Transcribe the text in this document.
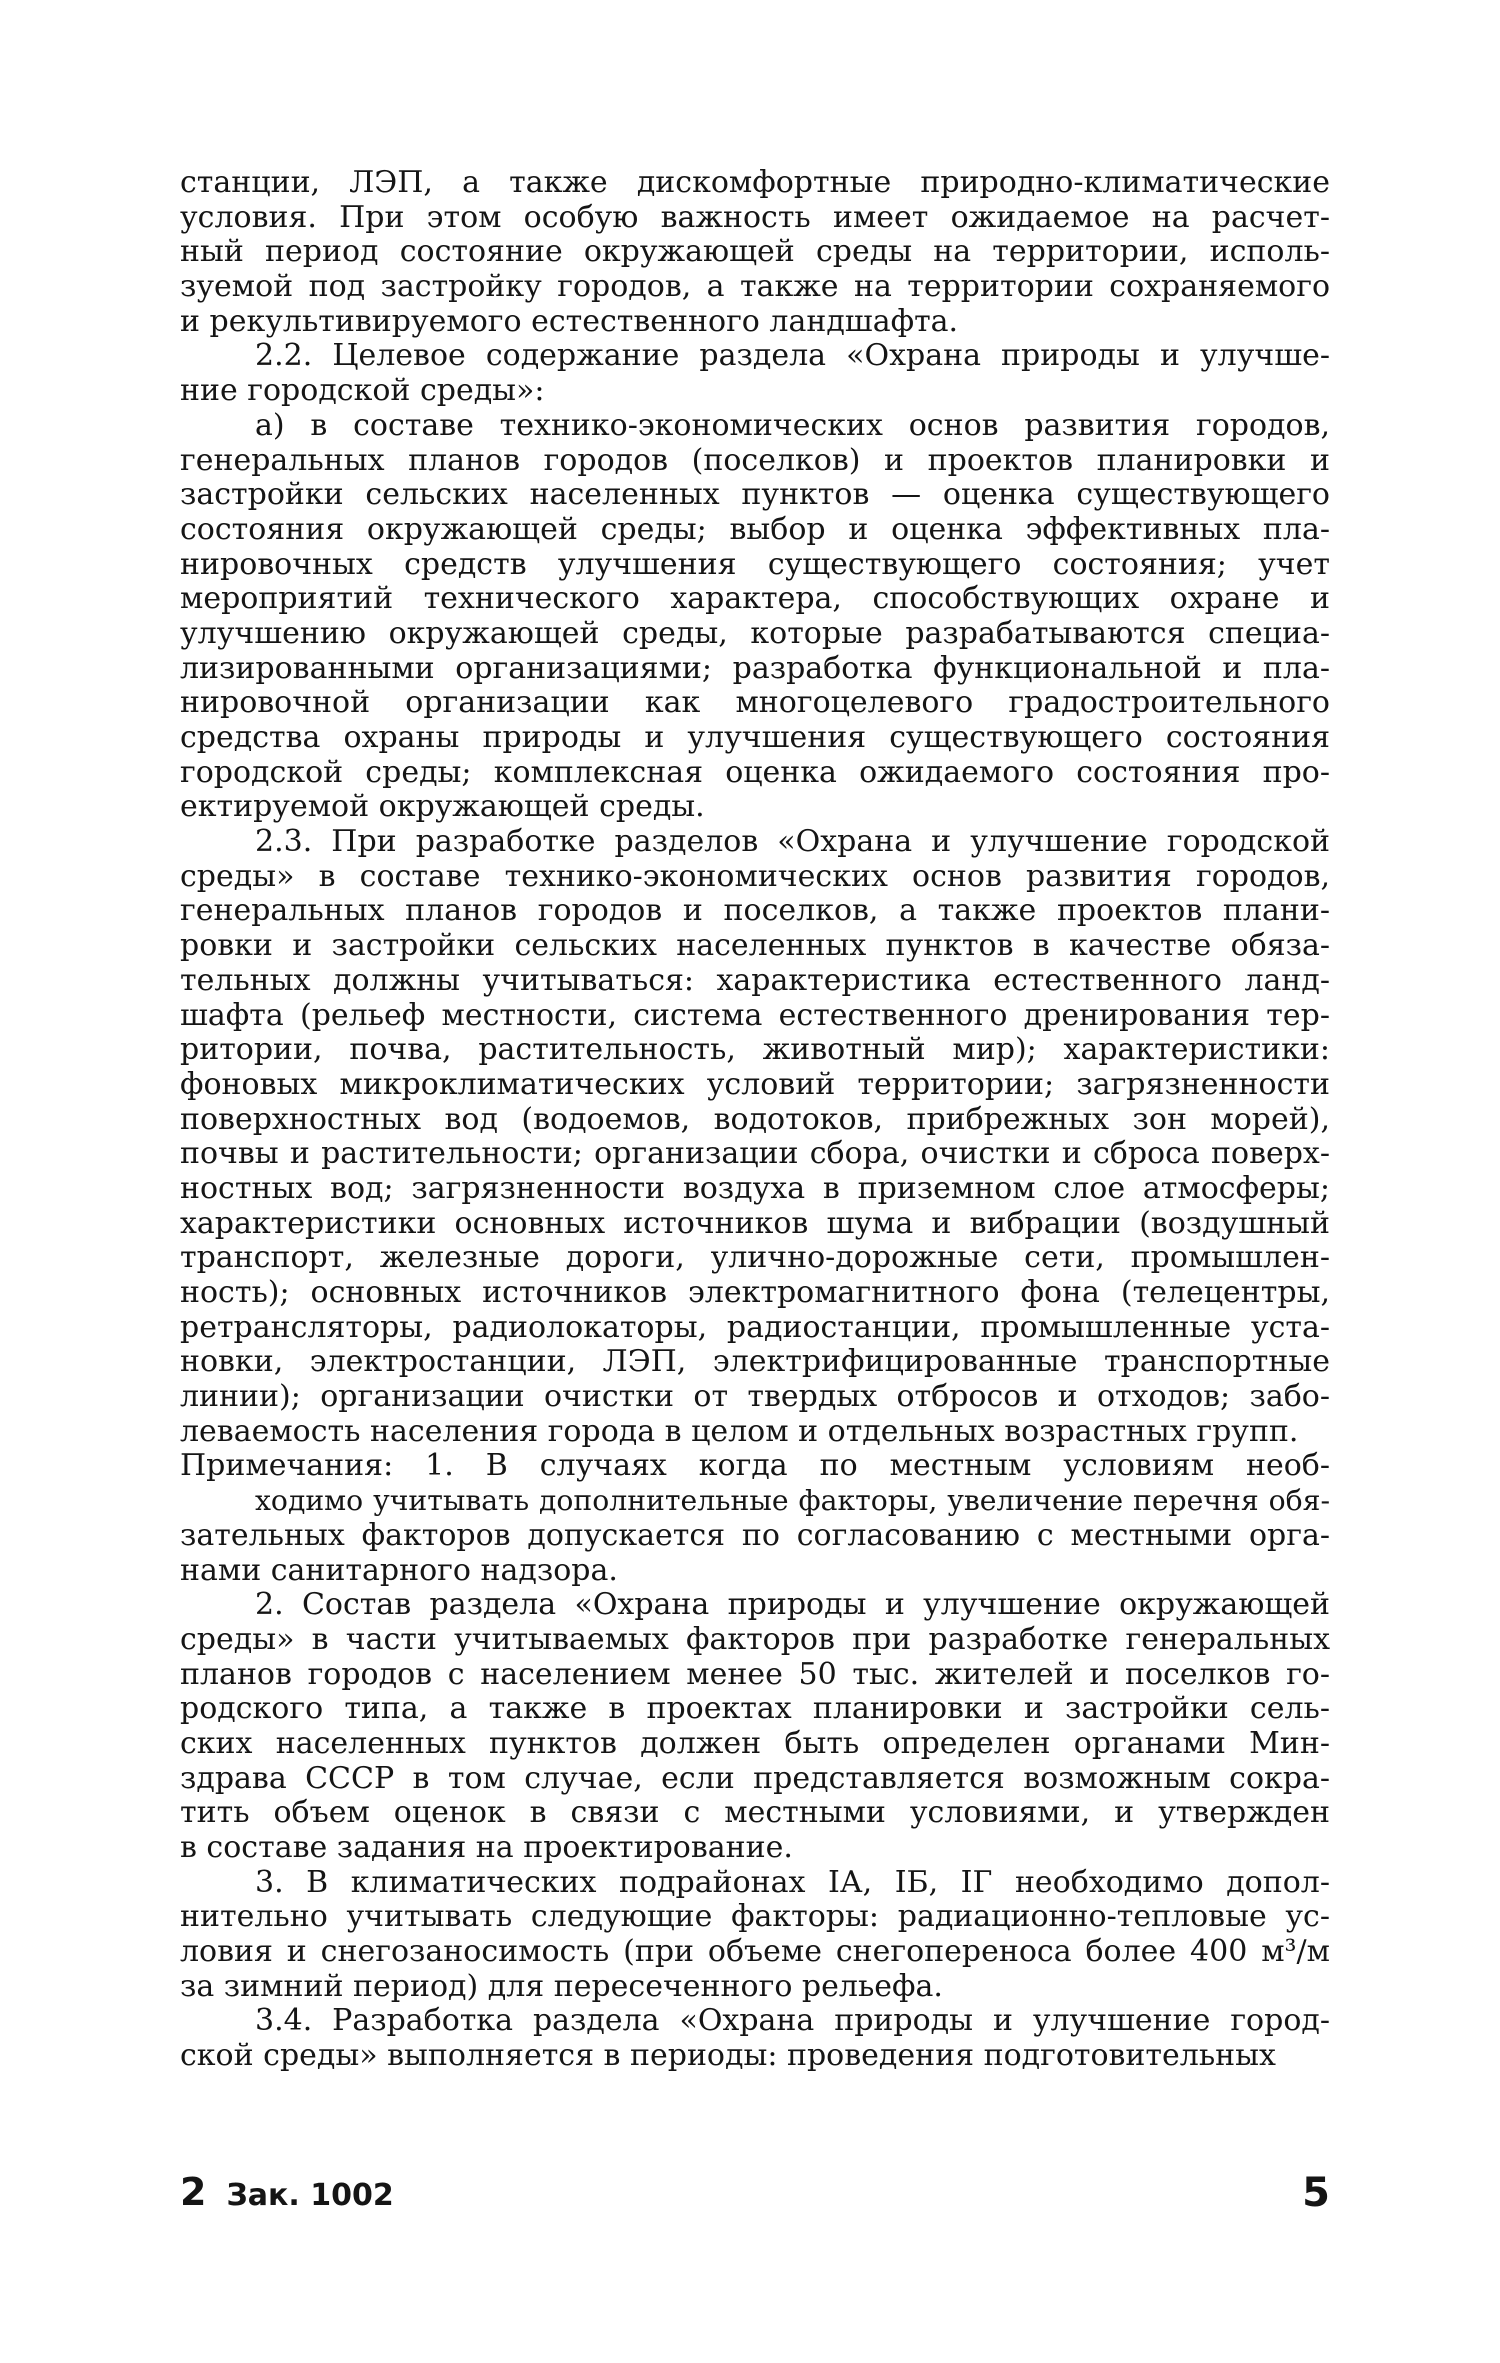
станции, ЛЭП, а также дискомфортные природно-климатические
условия. При этом особую важность имеет ожидаемое на расчет-
ный период состояние окружающей среды на территории, исполь-
зуемой под застройку городов, а также на территории сохраняемого
и рекультивируемого естественного ландшафта.
2.2. Целевое содержание раздела «Охрана природы и улучше-
ние городской среды»:
а) в составе технико-экономических основ развития городов,
генеральных планов городов (поселков) и проектов планировки и
застройки сельских населенных пунктов — оценка существующего
состояния окружающей среды; выбор и оценка эффективных пла-
нировочных средств улучшения существующего состояния; учет
мероприятий технического характера, способствующих охране и
улучшению окружающей среды, которые разрабатываются специа-
лизированными организациями; разработка функциональной и пла-
нировочной организации как многоцелевого градостроительного
средства охраны природы и улучшения существующего состояния
городской среды; комплексная оценка ожидаемого состояния про-
ектируемой окружающей среды.
2.3. При разработке разделов «Охрана и улучшение городской
среды» в составе технико-экономических основ развития городов,
генеральных планов городов и поселков, а также проектов плани-
ровки и застройки сельских населенных пунктов в качестве обяза-
тельных должны учитываться: характеристика естественного ланд-
шафта (рельеф местности, система естественного дренирования тер-
ритории, почва, растительность, животный мир); характеристики:
фоновых микроклиматических условий территории; загрязненности
поверхностных вод (водоемов, водотоков, прибрежных зон морей),
почвы и растительности; организации сбора, очистки и сброса поверх-
ностных вод; загрязненности воздуха в приземном слое атмосферы;
характеристики основных источников шума и вибрации (воздушный
транспорт, железные дороги, улично-дорожные сети, промышлен-
ность); основных источников электромагнитного фона (телецентры,
ретрансляторы, радиолокаторы, радиостанции, промышленные уста-
новки, электростанции, ЛЭП, электрифицированные транспортные
линии); организации очистки от твердых отбросов и отходов; забо-
леваемость населения города в целом и отдельных возрастных групп.
Примечания: 1. В случаях когда по местным условиям необ-
ходимо учитывать дополнительные факторы, увеличение перечня обя-
зательных факторов допускается по согласованию с местными орга-
нами санитарного надзора.
2. Состав раздела «Охрана природы и улучшение окружающей
среды» в части учитываемых факторов при разработке генеральных
планов городов с населением менее 50 тыс. жителей и поселков го-
родского типа, а также в проектах планировки и застройки сель-
ских населенных пунктов должен быть определен органами Мин-
здрава СССР в том случае, если представляется возможным сокра-
тить объем оценок в связи с местными условиями, и утвержден
в составе задания на проектирование.
3. В климатических подрайонах IА, IБ, IГ необходимо допол-
нительно учитывать следующие факторы: радиационно-тепловые ус-
ловия и снегозаносимость (при объеме снегопереноса более 400 м³/м
за зимний период) для пересеченного рельефа.
3.4. Разработка раздела «Охрана природы и улучшение город-
ской среды» выполняется в периоды: проведения подготовительных
2 Зак. 1002	5
